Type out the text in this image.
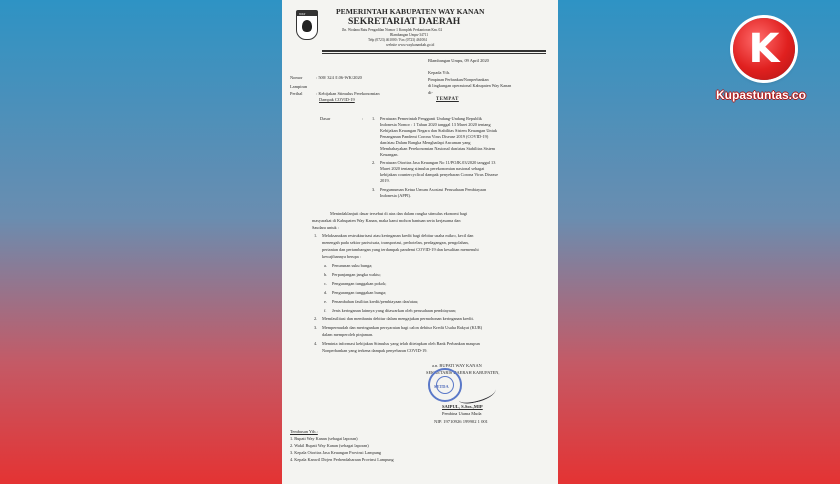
WAY KANAN
PEMERINTAH KABUPATEN WAY KANAN
SEKRETARIAT DAERAH
Jln. Wodana Ratu Pengadilan Nomor 1 Komplek Perkantoran Km. 02
Blambangan Umpu-34711
Telp (0723) 461000 / Fax (0723) 461004
website www.waykanankab.go.id
Blambangan Umpu, 09 April 2020
Nomor	: 500/ 324 /I.06-WK/2020
Lampiran
Perihal	: Kebijakan Stimulus Perekonomian
Dampak COVID-19
Kepada Yth.
Pimpinan Perbankan/Nonperbankan
di lingkungan operasional Kabupaten Way Kanan
di-
TEMPAT
Dasar	: 1. Peraturan Pemerintah Pengganti Undang-Undang Republik
Indonesia Nomor : 1 Tahun 2020 tanggal 13 Maret 2020 tentang
Kebijakan Keuangan Negara dan Stabilitas Sistem Keuangan Untuk
Penanganan Pandemi Corona Virus Disease 2019 (COVID-19)
dan/atau Dalam Rangka Menghadapi Ancaman yang
Membahayakan Perekonomian Nasional dan/atau Stabilitas Sistem
Keuangan.
2. Peraturan Otoritas Jasa Keuangan No 11/POJK.03/2020 tanggal 13
Maret 2020 tentang stimulus perekonomian nasional sebagai
kebijakan countercyclical dampak penyebaran Corona Virus Disease
2019.
3. Pengumuman Ketua Umum Asosiasi Perusahaan Pembiayaan
Indonesia (APPI).
Menindaklanjuti dasar tersebut di atas dan dalam rangka stimulus ekonomi bagi
masyarakat di Kabupaten Way Kanan, maka kami mohon bantuan serta kerjasama dan
Saudara untuk :
1. Melaksanakan restrukturisasi atau keringanan kredit bagi debitur usaha mikro, kecil dan
menengah pada sektor pariwisata, transportasi, perhotelan, perdagangan, pengolahan,
pertanian dan pertambangan yang terdampak pandemi COVID-19 dan kesulitan memenuhi
kewajibannya berupa :
a. Penurunan suku bunga;
b. Perpanjangan jangka waktu;
c. Pengurangan tunggakan pokok;
d. Pengurangan tunggakan bunga;
e. Penambahan fasilitas kredit/pembiayaan dan/atau;
f. Jenis keringanan lainnya yang ditawarkan oleh perusahaan pembiayaan;
2. Memfasilitasi dan membantu debitur dalam mengajukan permohonan keringanan kredit.
3. Mempermudah dan meringankan persyaratan bagi calon debitur Kredit Usaha Rakyat (KUR)
dalam memperoleh pinjaman.
4. Meminta informasi kebijakan Stimulus yang telah ditetapkan oleh Bank Perbankan maupun
Nonperbankan yang terkena dampak penyebaran COVID-19.
a.n. BUPATI WAY KANAN
SEKRETARIS DAERAH KABUPATEN,
SETDA
SAIPUL, S.Sos.,MIP
Pembina Utama Muda
NIP. 19710926 199902 1 001
Tembusan Yth.:
1. Bupati Way Kanan (sebagai laporan)
2. Wakil Bupati Way Kanan (sebagai laporan)
3. Kepala Otoritas Jasa Keuangan Provinsi Lampung
4. Kepala Kanwil Dirjen Perbendaharaan Provinsi Lampung
K
Kupastuntas.co
